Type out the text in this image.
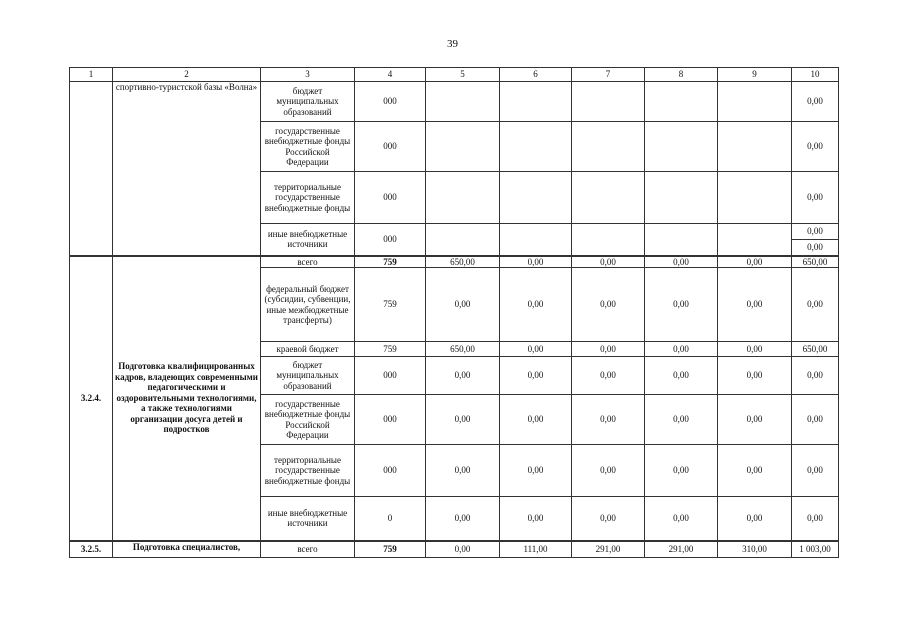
39
1	2	3	4	5	6	7	8	9	10
	спортивно-туристской базы «Волна»	бюджет муниципальных образований	000						0,00
		государственные внебюджетные фонды Российской Федерации	000						0,00
		территориальные государственные внебюджетные фонды	000						0,00
		иные внебюджетные источники	000						0,00
									0,00
3.2.4.	Подготовка квалифицированных кадров, владеющих современными педагогическими и оздоровительными технологиями, а также технологиями организации досуга детей и подростков	всего	759	650,00	0,00	0,00	0,00	0,00	650,00
		федеральный бюджет (субсидии, субвенции, иные межбюджетные трансферты)	759	0,00	0,00	0,00	0,00	0,00	0,00
		краевой бюджет	759	650,00	0,00	0,00	0,00	0,00	650,00
		бюджет муниципальных образований	000	0,00	0,00	0,00	0,00	0,00	0,00
		государственные внебюджетные фонды Российской Федерации	000	0,00	0,00	0,00	0,00	0,00	0,00
		территориальные государственные внебюджетные фонды	000	0,00	0,00	0,00	0,00	0,00	0,00
		иные внебюджетные источники	0	0,00	0,00	0,00	0,00	0,00	0,00
3.2.5.	Подготовка специалистов,	всего	759	0,00	111,00	291,00	291,00	310,00	1 003,00
